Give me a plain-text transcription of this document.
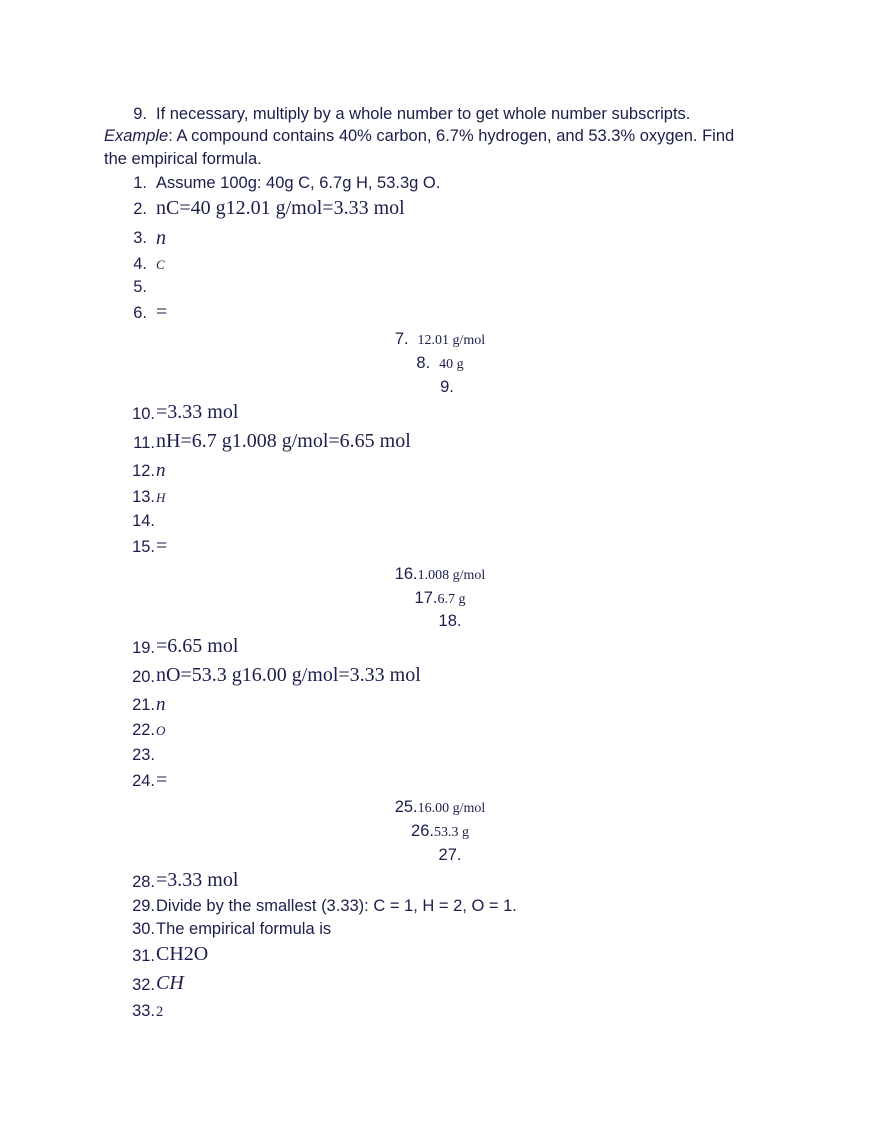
9. If necessary, multiply by a whole number to get whole number subscripts.
Example: A compound contains 40% carbon, 6.7% hydrogen, and 53.3% oxygen. Find
the empirical formula.
1. Assume 100g: 40g C, 6.7g H, 53.3g O.
2. nC=40 g12.01 g/mol=3.33 mol
3. n
4. C
5.
6. =
7. 12.01 g/mol
8. 40 g
9.
10. =3.33 mol
11. nH=6.7 g1.008 g/mol=6.65 mol
12. n
13. H
14.
15. =
16.1.008 g/mol
17.6.7 g
18.
19. =6.65 mol
20. nO=53.3 g16.00 g/mol=3.33 mol
21. n
22. O
23.
24. =
25.16.00 g/mol
26.53.3 g
27.
28. =3.33 mol
29. Divide by the smallest (3.33): C = 1, H = 2, O = 1.
30. The empirical formula is
31. CH2O
32. CH
33. 2
